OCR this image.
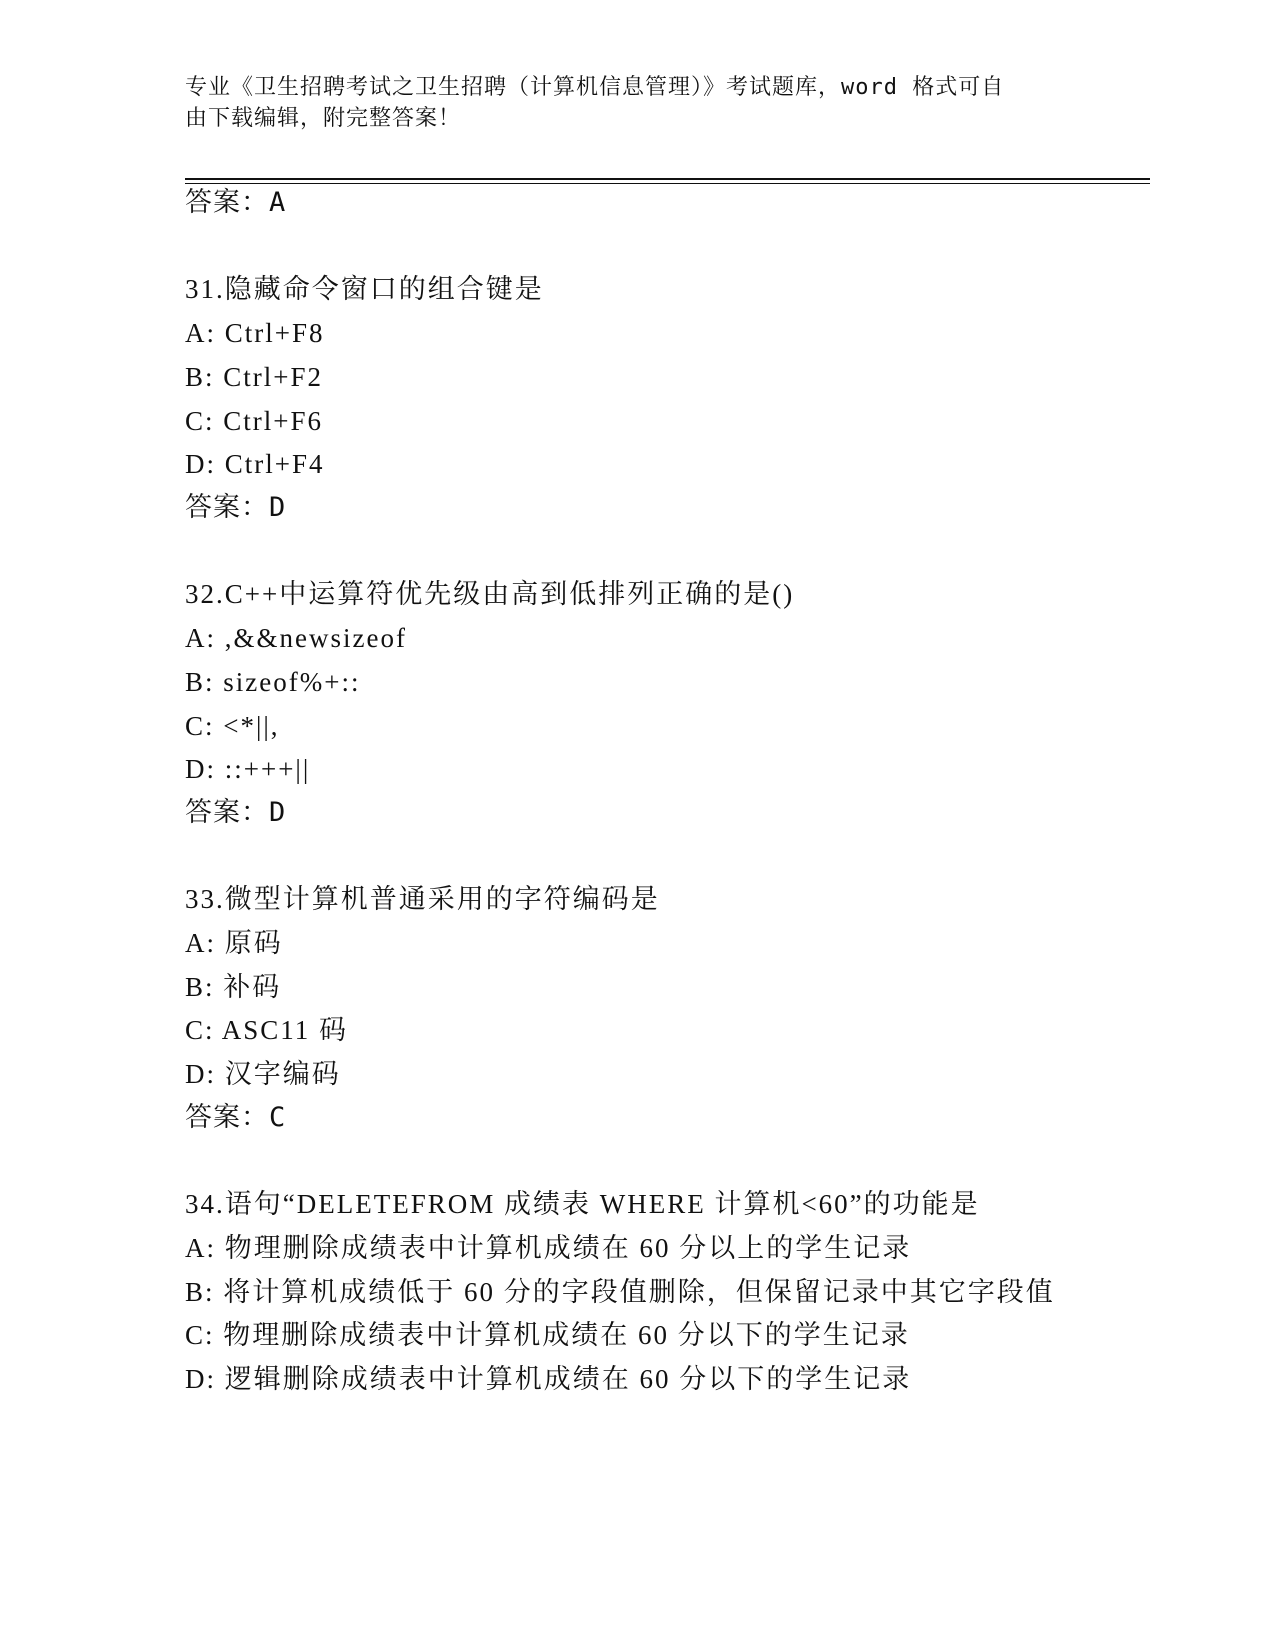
专业《卫生招聘考试之卫生招聘（计算机信息管理）》考试题库，word 格式可自
由下载编辑，附完整答案！
答案：A
31.隐藏命令窗口的组合键是
A: Ctrl+F8
B: Ctrl+F2
C: Ctrl+F6
D: Ctrl+F4
答案：D
32.C++中运算符优先级由高到低排列正确的是()
A: ,&&newsizeof
B: sizeof%+::
C: <*||,
D: ::+++||
答案：D
33.微型计算机普通采用的字符编码是
A: 原码
B: 补码
C: ASC11 码
D: 汉字编码
答案：C
34.语句“DELETEFROM 成绩表 WHERE 计算机<60”的功能是
A: 物理删除成绩表中计算机成绩在 60 分以上的学生记录
B: 将计算机成绩低于 60 分的字段值删除，但保留记录中其它字段值
C: 物理删除成绩表中计算机成绩在 60 分以下的学生记录
D: 逻辑删除成绩表中计算机成绩在 60 分以下的学生记录
